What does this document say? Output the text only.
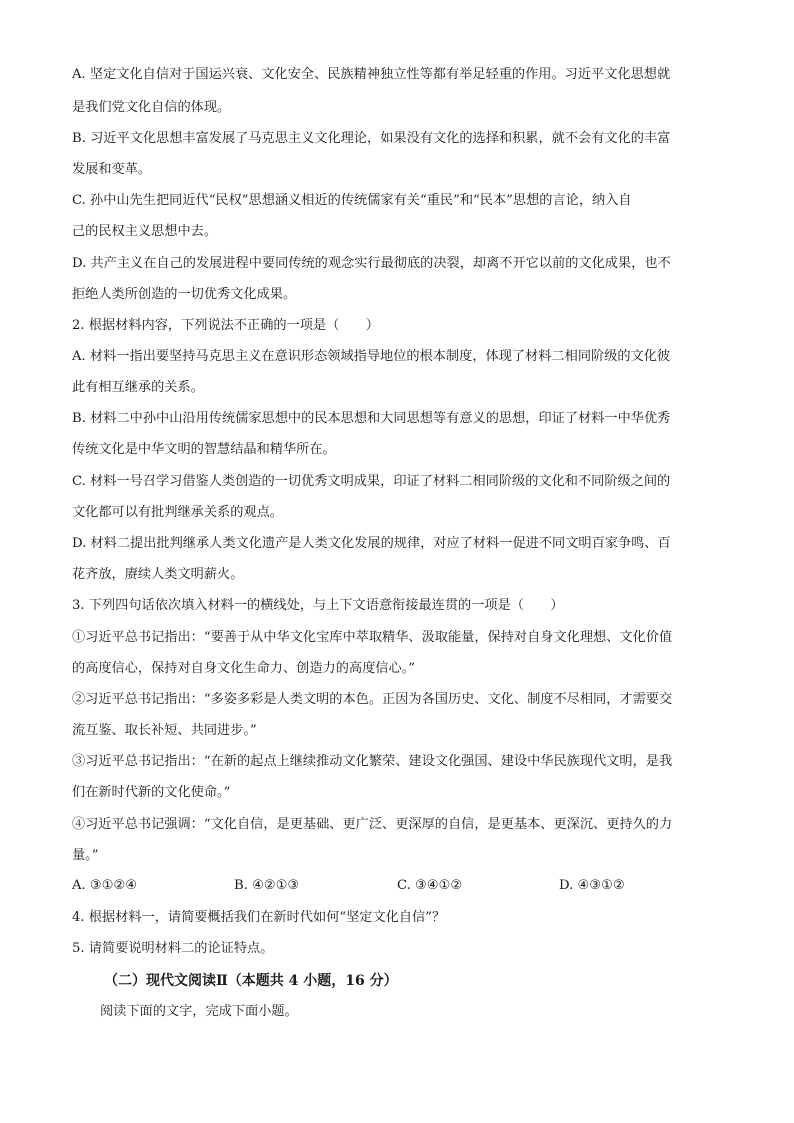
A. 坚定文化自信对于国运兴衰、文化安全、民族精神独立性等都有举足轻重的作用。习近平文化思想就
是我们党文化自信的体现。
B. 习近平文化思想丰富发展了马克思主义文化理论，如果没有文化的选择和积累，就不会有文化的丰富
发展和变革。
C. 孙中山先生把同近代“民权”思想涵义相近的传统儒家有关“重民”和“民本”思想的言论，纳入自
己的民权主义思想中去。
D. 共产主义在自己的发展进程中要同传统的观念实行最彻底的决裂，却离不开它以前的文化成果，也不
拒绝人类所创造的一切优秀文化成果。
2. 根据材料内容，下列说法不正确的一项是（　　）
A. 材料一指出要坚持马克思主义在意识形态领域指导地位的根本制度，体现了材料二相同阶级的文化彼
此有相互继承的关系。
B. 材料二中孙中山沿用传统儒家思想中的民本思想和大同思想等有意义的思想，印证了材料一中华优秀
传统文化是中华文明的智慧结晶和精华所在。
C. 材料一号召学习借鉴人类创造的一切优秀文明成果，印证了材料二相同阶级的文化和不同阶级之间的
文化都可以有批判继承关系的观点。
D. 材料二提出批判继承人类文化遗产是人类文化发展的规律，对应了材料一促进不同文明百家争鸣、百
花齐放，赓续人类文明薪火。
3. 下列四句话依次填入材料一的横线处，与上下文语意衔接最连贯的一项是（　　）
①习近平总书记指出：“要善于从中华文化宝库中萃取精华、汲取能量，保持对自身文化理想、文化价值
的高度信心，保持对自身文化生命力、创造力的高度信心。”
②习近平总书记指出：“多姿多彩是人类文明的本色。正因为各国历史、文化、制度不尽相同，才需要交
流互鉴、取长补短、共同进步。”
③习近平总书记指出：“在新的起点上继续推动文化繁荣、建设文化强国、建设中华民族现代文明，是我
们在新时代新的文化使命。”
④习近平总书记强调：“文化自信，是更基础、更广泛、更深厚的自信，是更基本、更深沉、更持久的力
量。”
A. ③①②④	B. ④②①③	C. ③④①②	D. ④③①②
4. 根据材料一，请简要概括我们在新时代如何“坚定文化自信”？
5. 请简要说明材料二的论证特点。
（二）现代文阅读Ⅱ（本题共 4 小题，16 分）
阅读下面的文字，完成下面小题。
